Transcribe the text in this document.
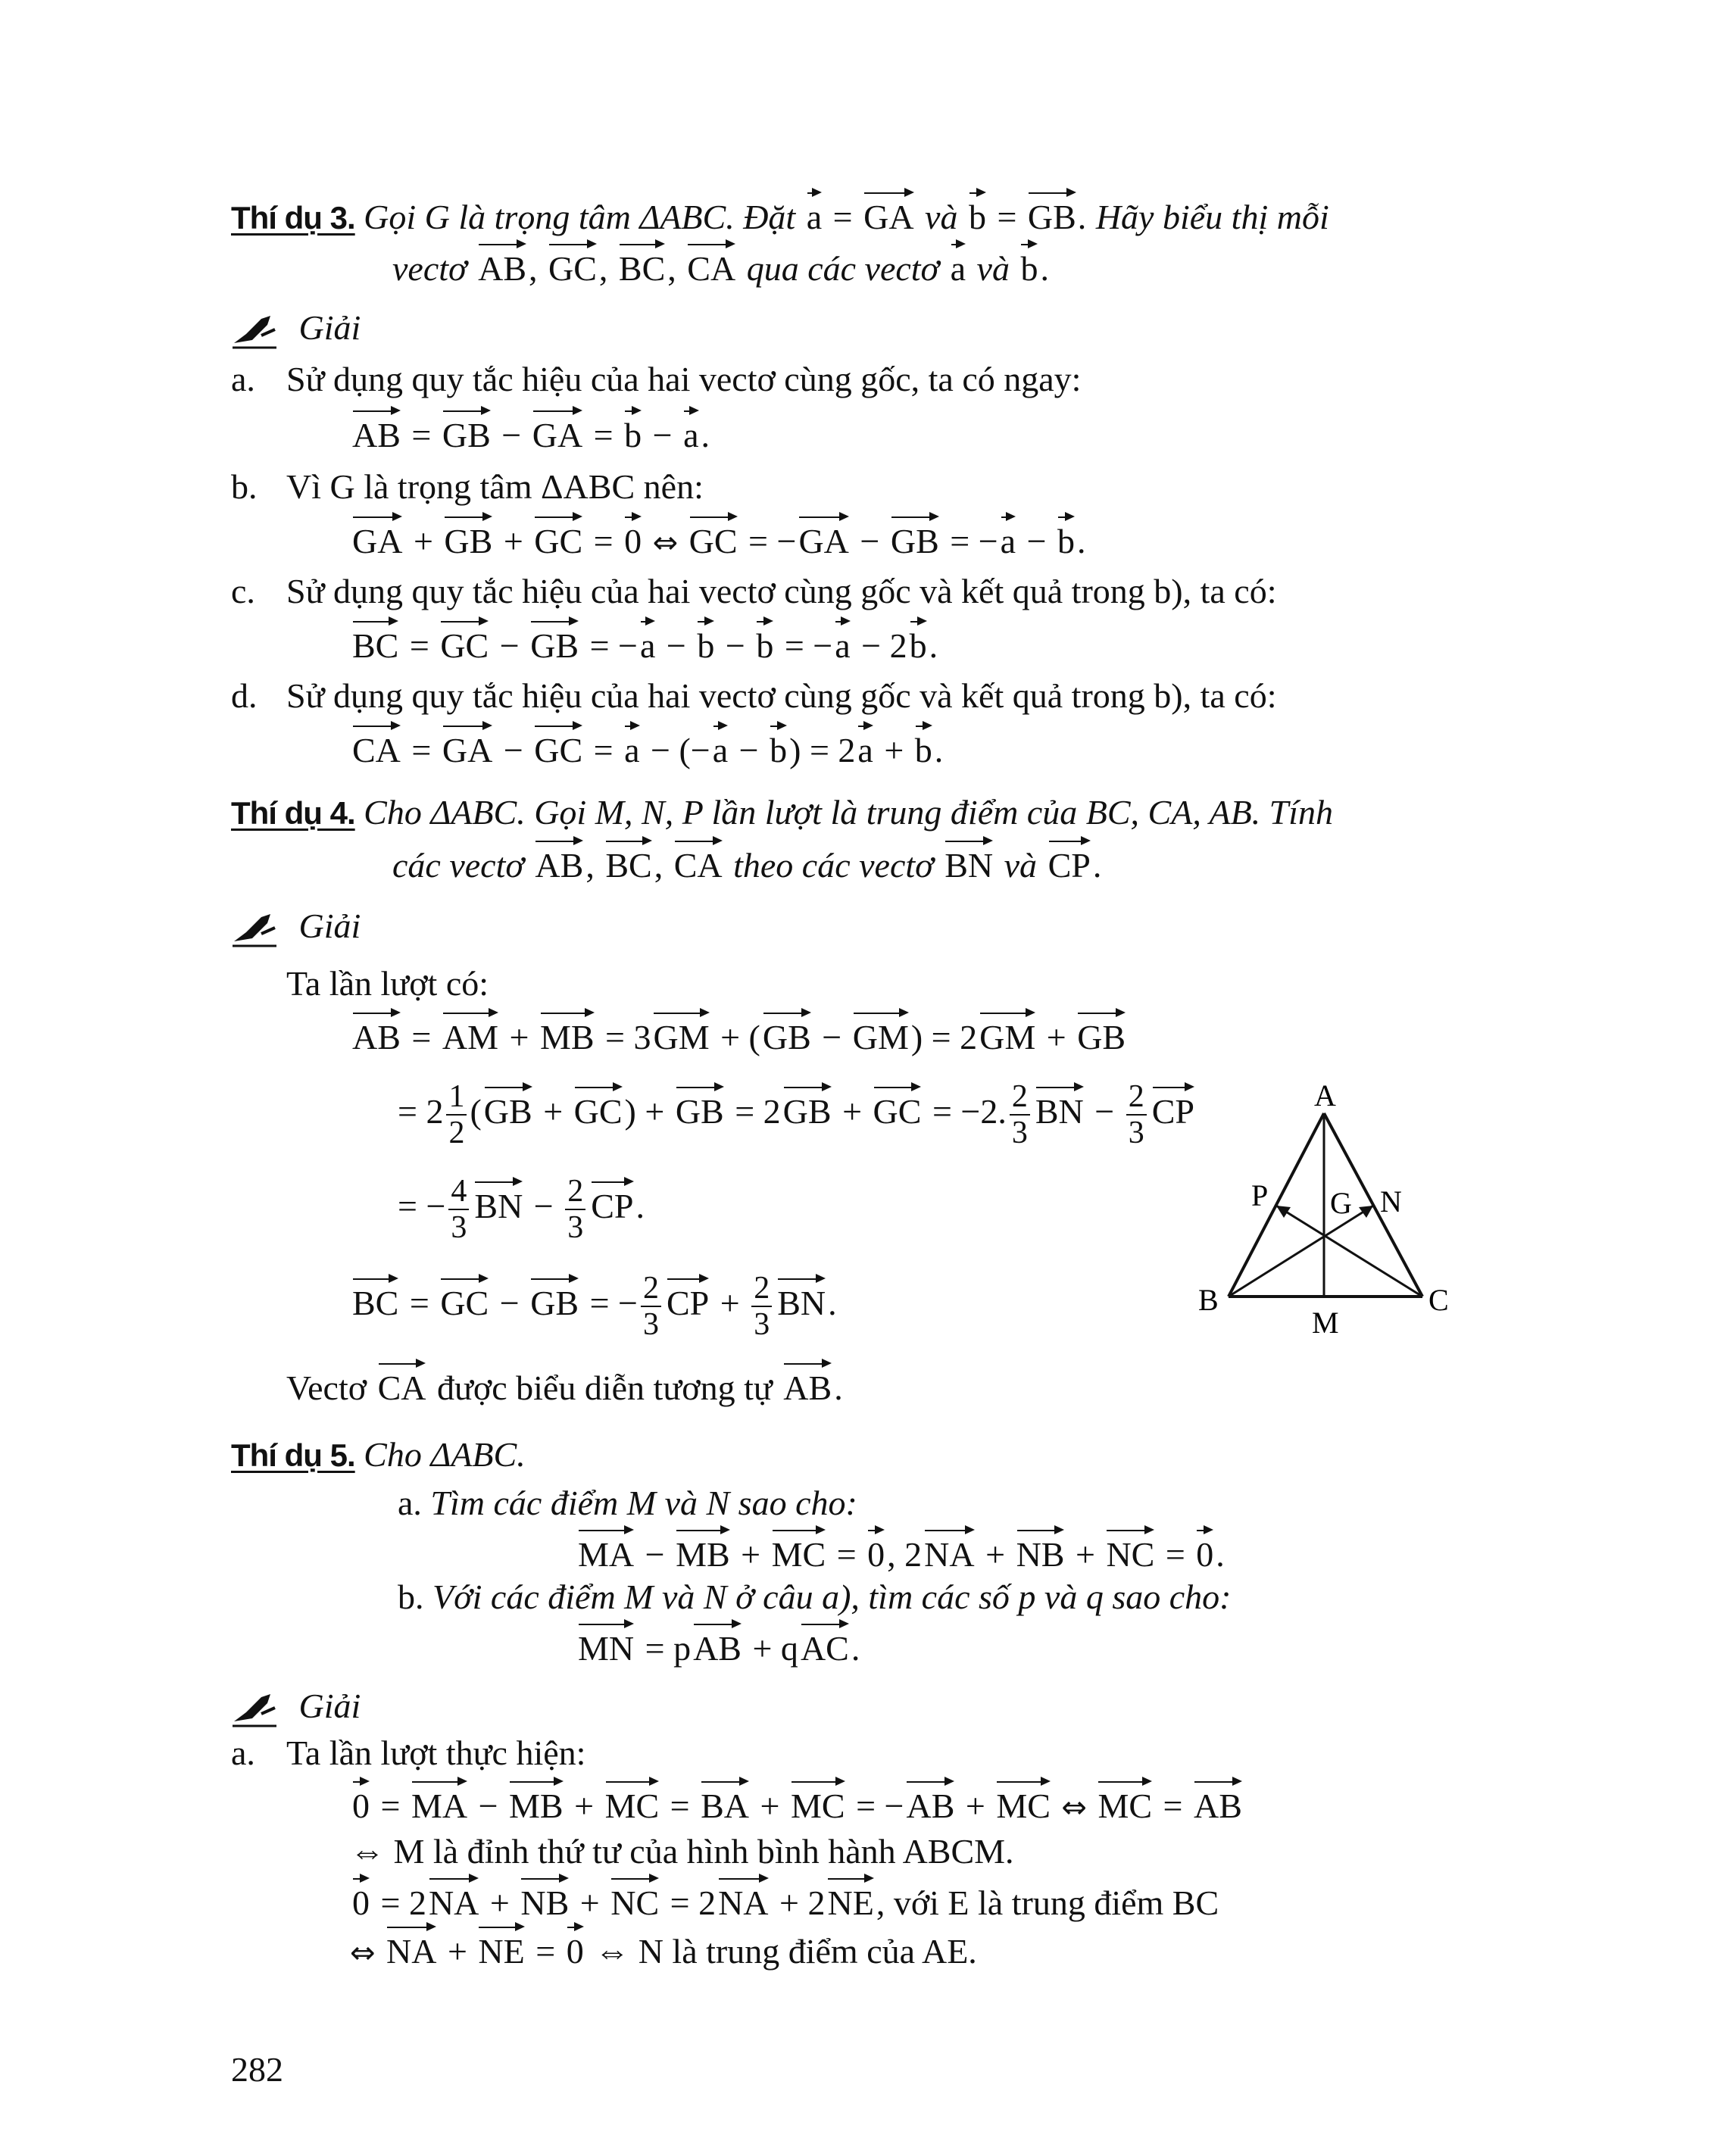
Thí dụ 3. Gọi G là trọng tâm ΔABC. Đặt a = GA và b = GB. Hãy biểu thị mỗi
vectơ AB, GC, BC, CA qua các vectơ a và b.
Giải
a. Sử dụng quy tắc hiệu của hai vectơ cùng gốc, ta có ngay:
AB = GB − GA = b − a.
b. Vì G là trọng tâm ΔABC nên:
GA + GB + GC = 0 ⇔ GC = −GA − GB = −a − b.
c. Sử dụng quy tắc hiệu của hai vectơ cùng gốc và kết quả trong b), ta có:
BC = GC − GB = −a − b − b = −a − 2b.
d. Sử dụng quy tắc hiệu của hai vectơ cùng gốc và kết quả trong b), ta có:
CA = GA − GC = a − (−a − b) = 2a + b.
Thí dụ 4. Cho ΔABC. Gọi M, N, P lần lượt là trung điểm của BC, CA, AB. Tính
các vectơ AB, BC, CA theo các vectơ BN và CP.
Giải
Ta lần lượt có:
AB = AM + MB = 3GM + (GB − GM) = 2GM + GB
= $2 \frac{1}{2} (GB + GC)$ + GB = 2GB + GC = −2. $\frac{2}{3}$ BN − $\frac{2}{3}$ CP
= − $\frac{4}{3}$ BN − $\frac{2}{3}$ CP.
BC = GC − GB = − $\frac{2}{3}$ CP + $\frac{2}{3}$ BN.
Vectơ CA được biểu diễn tương tự AB.
A
B	C
M
N
P G
Thí dụ 5. Cho ΔABC.
a. Tìm các điểm M và N sao cho:
MA − MB + MC = 0, 2NA + NB + NC = 0.
b. Với các điểm M và N ở câu a), tìm các số p và q sao cho:
MN = pAB + qAC.
Giải
a. Ta lần lượt thực hiện:
0 = MA − MB + MC = BA + MC = −AB + MC ⇔ MC = AB
⇔ M là đỉnh thứ tư của hình bình hành ABCM.
0 = 2NA + NB + NC = 2NA + 2NE, với E là trung điểm BC
⇔ NA + NE = 0 ⇔ N là trung điểm của AE.
282
